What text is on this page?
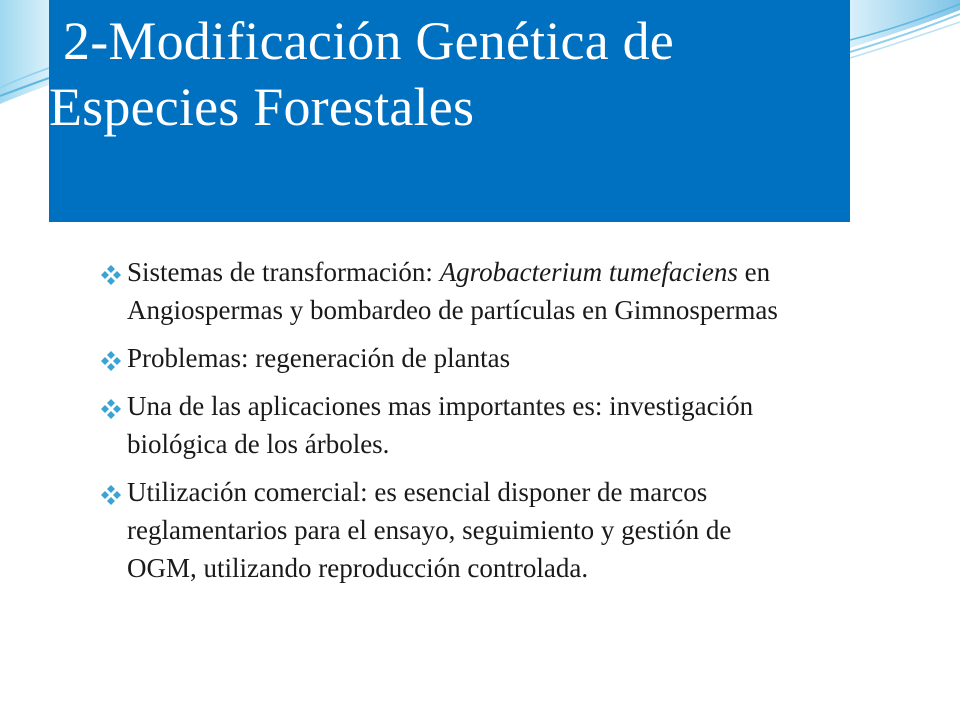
2-Modificación Genética de
Especies Forestales
Sistemas de transformación: Agrobacterium tumefaciens en Angiospermas y bombardeo de partículas en Gimnospermas
Problemas: regeneración de plantas
Una de las aplicaciones mas importantes es: investigación biológica de los árboles.
Utilización comercial: es esencial disponer de marcos reglamentarios para el ensayo, seguimiento y gestión de OGM, utilizando reproducción controlada.
